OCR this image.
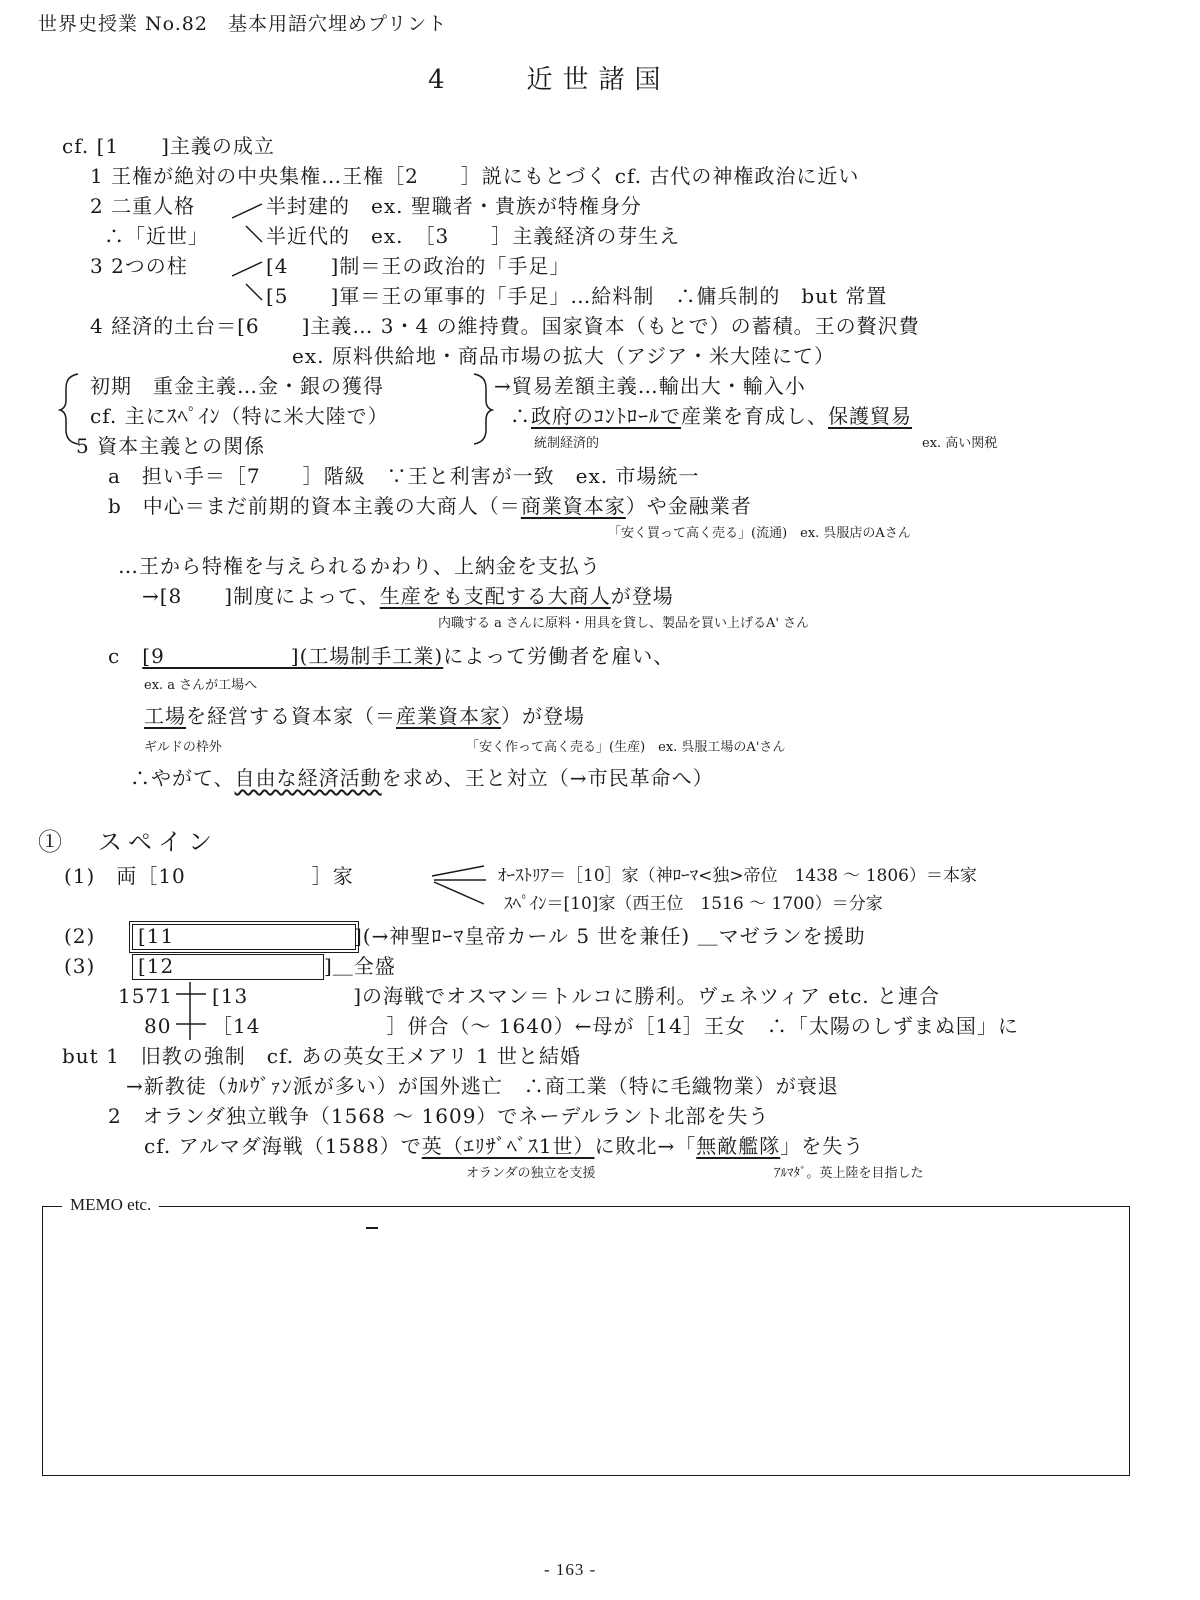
世界史授業 No.82　基本用語穴埋めプリント
4　　近世諸国
cf. [1　　]主義の成立
1 王権が絶対の中央集権…王権［2　　］説にもとづく cf. 古代の神権政治に近い
2 二重人格	半封建的　ex. 聖職者・貴族が特権身分
∴「近世」	半近代的　ex.　［3　　］主義経済の芽生え
3 2つの柱	[4　　]制＝王の政治的「手足」
[5　　]軍＝王の軍事的「手足」…給料制　∴傭兵制的　but 常置
4 経済的土台＝[6　　]主義… 3・4 の維持費。国家資本（もとで）の蓄積。王の贅沢費
ex. 原料供給地・商品市場の拡大（アジア・米大陸にて）
初期　重金主義…金・銀の獲得	→貿易差額主義…輸出大・輸入小
cf. 主にｽﾍﾟｲﾝ（特に米大陸で）	∴政府のｺﾝﾄﾛｰﾙで産業を育成し、保護貿易
統制経済的	ex. 高い関税
5 資本主義との関係
a　担い手＝［7　　］階級　∵王と利害が一致　ex. 市場統一
b　中心＝まだ前期的資本主義の大商人（＝商業資本家）や金融業者
「安く買って高く売る」(流通)　ex. 呉服店のAさん
…王から特権を与えられるかわり、上納金を支払う
→[8　　]制度によって、生産をも支配する大商人が登場
内職する a さんに原料・用具を貸し、製品を買い上げるA' さん
c [9　　　　　　](工場制手工業)によって労働者を雇い、
ex. a さんが工場へ
工場を経営する資本家（＝産業資本家）が登場
ギルドの枠外	「安く作って高く売る」(生産)　ex. 呉服工場のA'さん
∴やがて、自由な経済活動を求め、王と対立（→市民革命へ）
①　スペイン
(1)　両［10　　　　　　］家	ｵｰｽﾄﾘｱ＝［10］家（神ﾛｰﾏ<独>帝位　1438 ～ 1806）＝本家
ｽﾍﾟｲﾝ＝[10]家（西王位　1516 ～ 1700）＝分家
(2) [11	](→神聖ﾛｰﾏ皇帝カール 5 世を兼任) ＿マゼランを援助
(3) [12	]＿全盛
1571 [13　　　　　]の海戦でオスマン＝トルコに勝利。ヴェネツィア etc. と連合
80 ［14　　　　　　］併合（～ 1640）←母が［14］王女　∴「太陽のしずまぬ国」に
but 1　旧教の強制　cf. あの英女王メアリ 1 世と結婚
→新教徒（ｶﾙｳﾞｧﾝ派が多い）が国外逃亡　∴商工業（特に毛織物業）が衰退
2　オランダ独立戦争（1568 ～ 1609）でネーデルラント北部を失う
cf. アルマダ海戦（1588）で英（ｴﾘｻﾞﾍﾞｽ1世）に敗北→「無敵艦隊」を失う
オランダの独立を支援	ｱﾙﾏﾀﾞ。英上陸を目指した
MEMO etc.
- 163 -
